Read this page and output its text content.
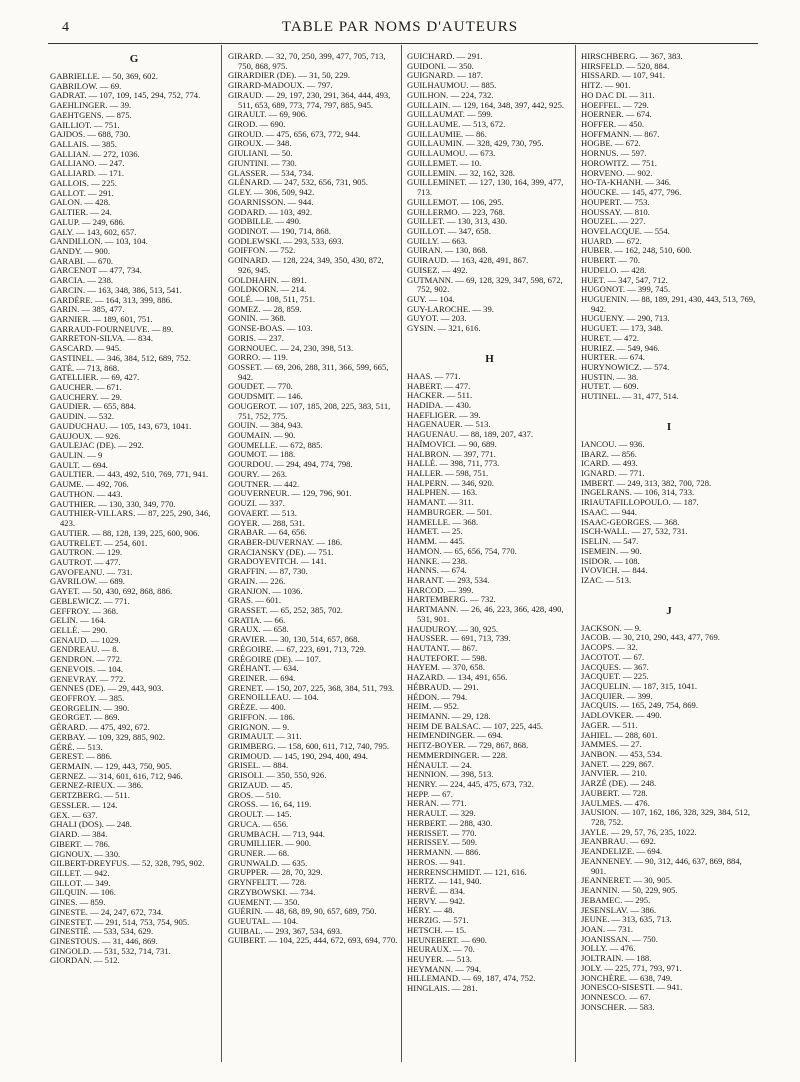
4	TABLE PAR NOMS D'AUTEURS
G
GABRIELLE. — 50, 369, 602.
GABRILOW. — 69.
GADRAT. — 107, 109, 145, 294, 752, 774.
GAEHLINGER. — 39.
GAEHTGENS. — 875.
GAILLIOT. — 751.
GAJDOS. — 688, 730.
GALLAIS. — 385.
GALLIAN. — 272, 1036.
GALLIANO. — 247.
GALLIARD. — 171.
GALLOIS. — 225.
GALLOT. — 291.
GALON. — 428.
GALTIER. — 24.
GALUP. — 249, 686.
GALY. — 143, 602, 657.
GANDILLON. — 103, 104.
GANDY. — 900.
GARABI. — 670.
GARCENOT — 477, 734.
GARCIA. — 238.
GARCIN. — 163, 348, 386, 513, 541.
GARDÈRE. — 164, 313, 399, 886.
GARIN. — 385, 477.
GARNIER. — 189, 601, 751.
GARRAUD-FOURNEUVE. — 89.
GARRETON-SILVA. — 834.
GASCARD. — 945.
GASTINEL. — 346, 384, 512, 689, 752.
GATÉ. — 713, 868.
GATELLIER. — 69, 427.
GAUCHER. — 671.
GAUCHERY. — 29.
GAUDIER. — 655, 884.
GAUDIN. — 532.
GAUDUCHAU. — 105, 143, 673, 1041.
GAUJOUX. — 926.
GAULEJAC (DE). — 292.
GAULIN. — 9
GAULT. — 694.
GAULTIER. — 443, 492, 510, 769, 771, 941.
GAUME. — 492, 706.
GAUTHON. — 443.
GAUTHIER. — 130, 330, 349, 770.
GAUTHIER-VILLARS. — 87, 225, 290, 346, 423.
GAUTIER. — 88, 128, 139, 225, 600, 906.
GAUTRELET. — 254, 601.
GAUTRON. — 129.
GAUTROT. — 477.
GAVOFEANU. — 731.
GAVRILOW. — 689.
GAYET. — 50, 430, 692, 868, 886.
GEBLEWICZ. — 771.
GEFFROY. — 368.
GELIN. — 164.
GELLÉ. — 290.
GENAUD. — 1029.
GENDREAU. — 8.
GENDRON. — 772.
GENEVOIS. — 104.
GENEVRAY. — 772.
GENNES (DE). — 29, 443, 903.
GEOFFROY. — 385.
GEORGELIN. — 390.
GEORGET. — 869.
GÉRARD. — 475, 492, 672.
GERBAY. — 109, 329, 885, 902.
GÉRÉ. — 513.
GEREST. — 886.
GERMAIN. — 129, 443, 750, 905.
GERNEZ. — 314, 601, 616, 712, 946.
GERNEZ-RIEUX. — 386.
GERTZBERG. — 511.
GESSLER. — 124.
GEX. — 637.
GHALI (DOS). — 248.
GIARD. — 384.
GIBERT. — 786.
GIGNOUX. — 330.
GILBERT-DREYFUS. — 52, 328, 795, 902.
GILLET. — 942.
GILLOT. — 349.
GILQUIN. — 106.
GINES. — 859.
GINESTE. — 24, 247, 672, 734.
GINESTET. — 291, 514, 753, 754, 905.
GINESTIÉ. — 533, 534, 629.
GINESTOUS. — 31, 446, 869.
GINGOLD. — 531, 532, 714, 731.
GIORDAN. — 512.
GIRARD. — 32, 70, 250, 399, 477, 705, 713, 750, 868, 975.
GIRARDIER (DE). — 31, 50, 229.
GIRARD-MADOUX. — 797.
GIRAUD. — 29, 197, 230, 291, 364, 444, 493, 511, 653, 689, 773, 774, 797, 885, 945.
GIRAULT. — 69, 906.
GIROD. — 690.
GIROUD. — 475, 656, 673, 772, 944.
GIROUX. — 348.
GIULIANI. — 50.
GIUNTINI. — 730.
GLASSER. — 534, 734.
GLÉNARD. — 247, 532, 656, 731, 905.
GLEY. — 306, 509, 942.
GOARNISSON. — 944.
GODARD. — 103, 492.
GODBILLE. — 490.
GODINOT. — 190, 714, 868.
GODLEWSKI. — 293, 533, 693.
GOIFFON. — 752.
GOINARD. — 128, 224, 349, 350, 430, 872, 926, 945.
GOLDHAHN. — 891.
GOLDKORN. — 214.
GOLÉ. — 108, 511, 751.
GOMEZ. — 28, 859.
GONIN. — 368.
GONSE-BOAS. — 103.
GORIS. — 237.
GORNOUEC. — 24, 230, 398, 513.
GORRO. — 119.
GOSSET. — 69, 206, 288, 311, 366, 599, 665, 942.
GOUDET. — 770.
GOUDSMIT. — 146.
GOUGEROT. — 107, 185, 208, 225, 383, 511, 751, 752, 775.
GOUIN. — 384, 943.
GOUMAIN. — 90.
GOUMELLE. — 672, 885.
GOUMOT. — 188.
GOURDOU. — 294, 494, 774, 798.
GOURY. — 263.
GOUTNER. — 442.
GOUVERNEUR. — 129, 796, 901.
GOUZI. — 337.
GOVAERT. — 513.
GOYER. — 288, 531.
GRABAR. — 64, 656.
GRABER-DUVERNAY. — 186.
GRACIANSKY (DE). — 751.
GRADOYEVITCH. — 141.
GRAFFIN. — 87, 730.
GRAIN. — 226.
GRANJON. — 1036.
GRAS. — 601.
GRASSET. — 65, 252, 385, 702.
GRATIA. — 66.
GRAUX. — 658.
GRAVIER. — 30, 130, 514, 657, 868.
GRÉGOIRE. — 67, 223, 691, 713, 729.
GRÉGOIRE (DE). — 107.
GRÉHANT. — 634.
GREINER. — 694.
GRENET. — 150, 207, 225, 368, 384, 511, 793.
GRENOILLEAU. — 104.
GRÈZE. — 400.
GRIFFON. — 186.
GRIGNON. — 9.
GRIMAULT. — 311.
GRIMBERG. — 158, 600, 611, 712, 740, 795.
GRIMOUD. — 145, 190, 294, 400, 494.
GRISEL. — 884.
GRISOLI. — 350, 550, 926.
GRIZAUD. — 45.
GROS. — 510.
GROSS. — 16, 64, 119.
GROULT. — 145.
GRUCA. — 656.
GRUMBACH. — 713, 944.
GRUMILLIER. — 900.
GRUNER. — 68.
GRUNWALD. — 635.
GRUPPER. — 28, 70, 329.
GRYNFELTT. — 728.
GRZYBOWSKI. — 734.
GUEMENT. — 350.
GUÉRIN. — 48, 68, 89, 90, 657, 689, 750.
GUEUTAL. — 104.
GUIBAL. — 293, 367, 534, 693.
GUIBERT. — 104, 225, 444, 672, 693, 694, 770.
GUICHARD. — 291.
GUIDONI. — 350.
GUIGNARD. — 187.
GUILHAUMOU. — 885.
GUILHON. — 224, 732.
GUILLAIN. — 129, 164, 348, 397, 442, 925.
GUILLAUMAT. — 599.
GUILLAUME. — 513, 672.
GUILLAUMIE. — 86.
GUILLAUMIN. — 328, 429, 730, 795.
GUILLAUMOU. — 673.
GUILLEMET. — 10.
GUILLEMIN. — 32, 162, 328.
GUILLEMINET. — 127, 130, 164, 399, 477, 713.
GUILLEMOT. — 106, 295.
GUILLERMO. — 223, 768.
GUILLET. — 130, 313, 430.
GUILLOT. — 347, 658.
GUILLY. — 663.
GUIRAN. — 130, 868.
GUIRAUD. — 163, 428, 491, 867.
GUISEZ. — 492.
GUTMANN. — 69, 128, 329, 347, 598, 672, 752, 902.
GUY. — 104.
GUY-LAROCHE. — 39.
GUYOT. — 203.
GYSIN. — 321, 616.
H
HAAS. — 771.
HABERT. — 477.
HACKER. — 511.
HADIDA. — 430.
HAEFLIGER. — 39.
HAGENAUER. — 513.
HAGUENAU. — 88, 189, 207, 437.
HAÏMOVICI. — 90, 689.
HALBRON. — 397, 771.
HALLÉ. — 398, 711, 773.
HALLER. — 598, 751.
HALPERN. — 346, 920.
HALPHEN. — 163.
HAMANT. — 311.
HAMBURGER. — 501.
HAMELLE. — 368.
HAMET. — 25.
HAMM. — 445.
HAMON. — 65, 656, 754, 770.
HANKE. — 238.
HANNS. — 674.
HARANT. — 293, 534.
HARCOD. — 399.
HARTEMBERG. — 732.
HARTMANN. — 26, 46, 223, 366, 428, 490, 531, 901.
HAUDUROY. — 30, 925.
HAUSSER. — 691, 713, 739.
HAUTANT. — 867.
HAUTEFORT. — 598.
HAYEM. — 370, 658.
HAZARD. — 134, 491, 656.
HÉBRAUD. — 291.
HÉDON. — 794.
HEIM. — 952.
HEIMANN. — 29, 128.
HEIM DE BALSAC. — 107, 225, 445.
HEIMENDINGER. — 694.
HEITZ-BOYER. — 729, 867, 868.
HEMMERDINGER. — 228.
HÉNAULT. — 24.
HENNION. — 398, 513.
HENRY. — 224, 445, 475, 673, 732.
HEPP. — 67.
HERAN. — 771.
HERAULT. — 329.
HERBERT. — 288, 430.
HERISSET. — 770.
HERISSEY. — 509.
HERMANN. — 886.
HEROS. — 941.
HERRENSCHMIDT. — 121, 616.
HERTZ. — 141, 940.
HERVÉ. — 834.
HERVY. — 942.
HÉRY. — 48.
HERZIG. — 571.
HETSCH. — 15.
HEUNEBERT. — 690.
HEURAUX. — 70.
HEUYER. — 513.
HEYMANN. — 794.
HILLEMAND. — 69, 187, 474, 752.
HINGLAIS. — 281.
HIRSCHBERG. — 367, 383.
HIRSFELD. — 520, 884.
HISSARD. — 107, 941.
HITZ. — 901.
HO DAC DI. — 311.
HOEFFEL. — 729.
HOERNER. — 674.
HOFFER. — 450.
HOFFMANN. — 867.
HOGBE. — 672.
HORNUS. — 597.
HOROWITZ. — 751.
HORVENO. — 902.
HO-TA-KHANH. — 346.
HOUCKE. — 145, 477, 796.
HOUPERT. — 753.
HOUSSAY. — 810.
HOUZEL. — 227.
HOVELACQUE. — 554.
HUARD. — 672.
HUBER. — 162, 248, 510, 600.
HUBERT. — 70.
HUDELO. — 428.
HUET. — 347, 547, 712.
HUGONOT. — 399, 745.
HUGUENIN. — 88, 189, 291, 430, 443, 513, 769, 942.
HUGUENY. — 290, 713.
HUGUET. — 173, 348.
HURET. — 472.
HURIEZ. — 549, 946.
HURTER. — 674.
HURYNOWICZ. — 574.
HUSTIN. — 38.
HUTET. — 609.
HUTINEL. — 31, 477, 514.
I
IANCOU. — 936.
IBARZ. — 856.
ICARD. — 493.
IGNARD. — 771.
IMBERT. — 249, 313, 382, 700, 728.
INGELRANS. — 106, 314, 733.
IRIAUTAFILLOPOULO. — 187.
ISAAC. — 944.
ISAAC-GEORGES. — 368.
ISCH-WALL. — 27, 532, 731.
ISELIN. — 547.
ISEMEIN. — 90.
ISIDOR. — 108.
IVOVICH. — 844.
IZAC. — 513.
J
JACKSON. — 9.
JACOB. — 30, 210, 290, 443, 477, 769.
JACOPS. — 32.
JACOTOT. — 67.
JACQUES. — 367.
JACQUET. — 225.
JACQUELIN. — 187, 315, 1041.
JACQUIER. — 399.
JACQUIS. — 165, 249, 754, 869.
JADLOVKER. — 490.
JAGER. — 511.
JAHIEL. — 288, 601.
JAMMES. — 27.
JANBON. — 453, 534.
JANET. — 229, 867.
JANVIER. — 210.
JARZÉ (DE). — 248.
JAUBERT. — 728.
JAULMES. — 476.
JAUSION. — 107, 162, 186, 328, 329, 384, 512, 728, 752.
JAYLE. — 29, 57, 76, 235, 1022.
JEANBRAU. — 692.
JEANDELIZE. — 694.
JEANNENEY. — 90, 312, 446, 637, 869, 884, 901.
JEANNERET. — 30, 905.
JEANNIN. — 50, 229, 905.
JEBAMEC. — 295.
JESENSLAV. — 386.
JEUNE. — 313, 635, 713.
JOAN. — 731.
JOANISSAN. — 750.
JOLLY. — 476.
JOLTRAIN. — 188.
JOLY. — 225, 771, 793, 971.
JONCHÈRE. — 638, 749.
JONESCO-SISESTI. — 941.
JONNESCO. — 67.
JONSCHER. — 583.
